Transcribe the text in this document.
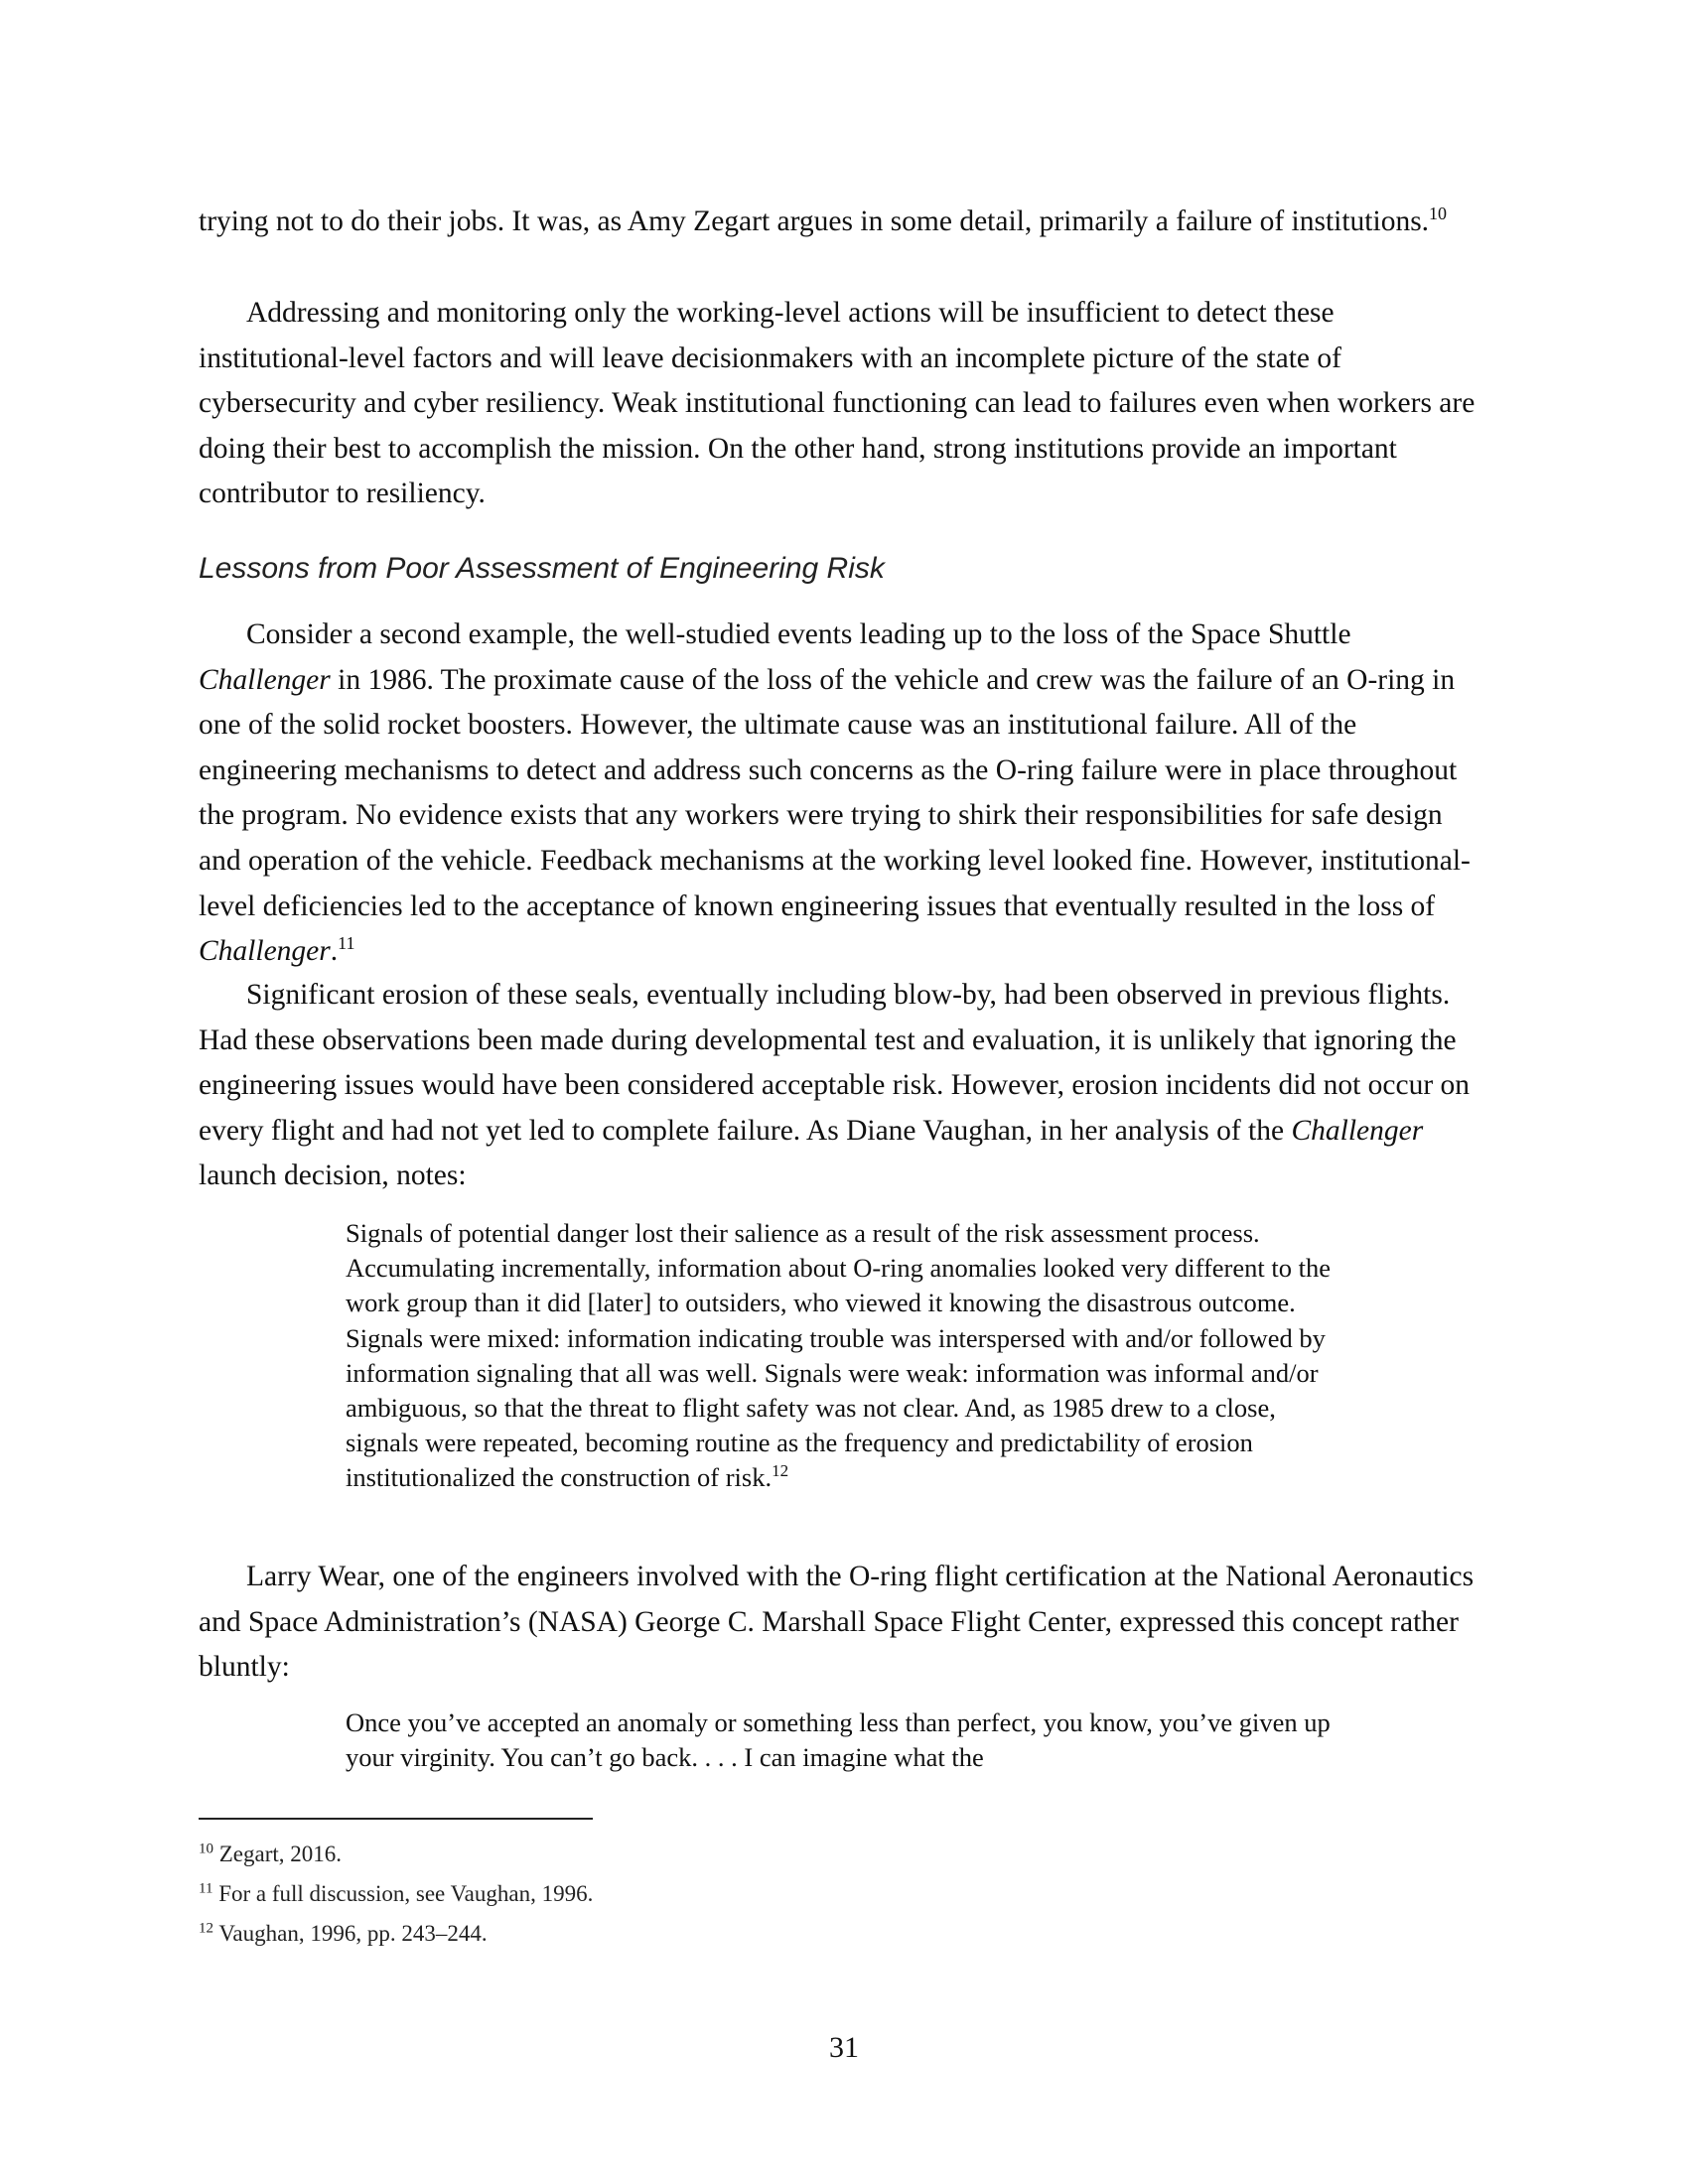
trying not to do their jobs. It was, as Amy Zegart argues in some detail, primarily a failure of institutions.$^{10}$

Addressing and monitoring only the working-level actions will be insufficient to detect these institutional-level factors and will leave decisionmakers with an incomplete picture of the state of cybersecurity and cyber resiliency. Weak institutional functioning can lead to failures even when workers are doing their best to accomplish the mission. On the other hand, strong institutions provide an important contributor to resiliency.

Lessons from Poor Assessment of Engineering Risk

Consider a second example, the well-studied events leading up to the loss of the Space Shuttle Challenger in 1986. The proximate cause of the loss of the vehicle and crew was the failure of an O-ring in one of the solid rocket boosters. However, the ultimate cause was an institutional failure. All of the engineering mechanisms to detect and address such concerns as the O-ring failure were in place throughout the program. No evidence exists that any workers were trying to shirk their responsibilities for safe design and operation of the vehicle. Feedback mechanisms at the working level looked fine. However, institutional-level deficiencies led to the acceptance of known engineering issues that eventually resulted in the loss of Challenger.$^{11}$

Significant erosion of these seals, eventually including blow-by, had been observed in previous flights. Had these observations been made during developmental test and evaluation, it is unlikely that ignoring the engineering issues would have been considered acceptable risk. However, erosion incidents did not occur on every flight and had not yet led to complete failure. As Diane Vaughan, in her analysis of the Challenger launch decision, notes:

Signals of potential danger lost their salience as a result of the risk assessment process. Accumulating incrementally, information about O-ring anomalies looked very different to the work group than it did [later] to outsiders, who viewed it knowing the disastrous outcome. Signals were mixed: information indicating trouble was interspersed with and/or followed by information signaling that all was well. Signals were weak: information was informal and/or ambiguous, so that the threat to flight safety was not clear. And, as 1985 drew to a close, signals were repeated, becoming routine as the frequency and predictability of erosion institutionalized the construction of risk.$^{12}$

Larry Wear, one of the engineers involved with the O-ring flight certification at the National Aeronautics and Space Administration’s (NASA) George C. Marshall Space Flight Center, expressed this concept rather bluntly:

Once you’ve accepted an anomaly or something less than perfect, you know, you’ve given up your virginity. You can’t go back. . . . I can imagine what the

$^{10}$ Zegart, 2016.

$^{11}$ For a full discussion, see Vaughan, 1996.

$^{12}$ Vaughan, 1996, pp. 243–244.

31
